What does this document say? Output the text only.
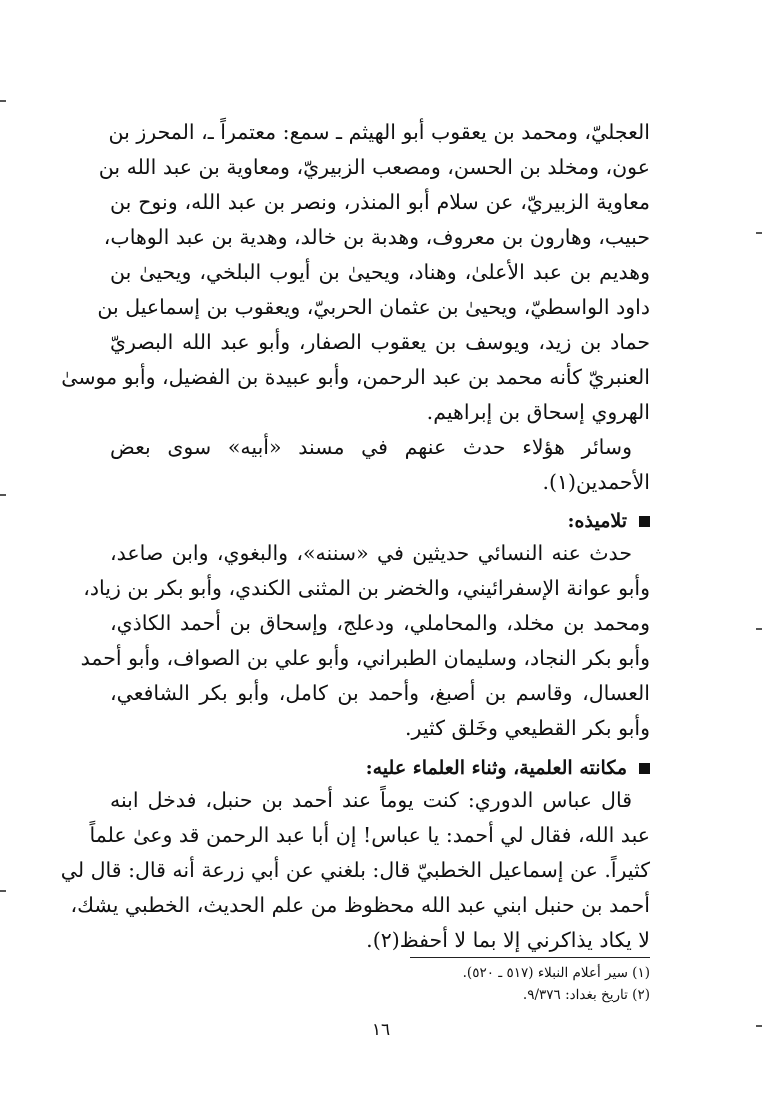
العجليّ، ومحمد بن يعقوب أبو الهيثم ـ سمع: معتمراً ـ، المحرز بن
عون، ومخلد بن الحسن، ومصعب الزبيريّ، ومعاوية بن عبد الله بن
معاوية الزبيريّ، عن سلام أبو المنذر، ونصر بن عبد الله، ونوح بن
حبيب، وهارون بن معروف، وهدبة بن خالد، وهدية بن عبد الوهاب،
وهديم بن عبد الأعلىٰ، وهناد، ويحيىٰ بن أيوب البلخي، ويحيىٰ بن
داود الواسطيّ، ويحيىٰ بن عثمان الحربيّ، ويعقوب بن إسماعيل بن
حماد بن زيد، ويوسف بن يعقوب الصفار، وأبو عبد الله البصريّ
العنبريّ كأنه محمد بن عبد الرحمن، وأبو عبيدة بن الفضيل، وأبو موسىٰ
الهروي إسحاق بن إبراهيم.
وسائر هؤلاء حدث عنهم في مسند «أبيه» سوى بعض
الأحمدين(١).
تلاميذه:
حدث عنه النسائي حديثين في «سننه»، والبغوي، وابن صاعد،
وأبو عوانة الإسفرائيني، والخضر بن المثنى الكندي، وأبو بكر بن زياد،
ومحمد بن مخلد، والمحاملي، ودعلج، وإسحاق بن أحمد الكاذي،
وأبو بكر النجاد، وسليمان الطبراني، وأبو علي بن الصواف، وأبو أحمد
العسال، وقاسم بن أصبغ، وأحمد بن كامل، وأبو بكر الشافعي،
وأبو بكر القطيعي وخَلق كثير.
مكانته العلمية، وثناء العلماء عليه:
قال عباس الدوري: كنت يوماً عند أحمد بن حنبل، فدخل ابنه
عبد الله، فقال لي أحمد: يا عباس! إن أبا عبد الرحمن قد وعىٰ علماً
كثيراً. عن إسماعيل الخطبيّ قال: بلغني عن أبي زرعة أنه قال: قال لي
أحمد بن حنبل ابني عبد الله محظوظ من علم الحديث، الخطبي يشك،
لا يكاد يذاكرني إلا بما لا أحفظ(٢).
(١) سير أعلام النبلاء (٥١٧ ـ ٥٢٠).
(٢) تاريخ بغداد: ٩/٣٧٦.
١٦
